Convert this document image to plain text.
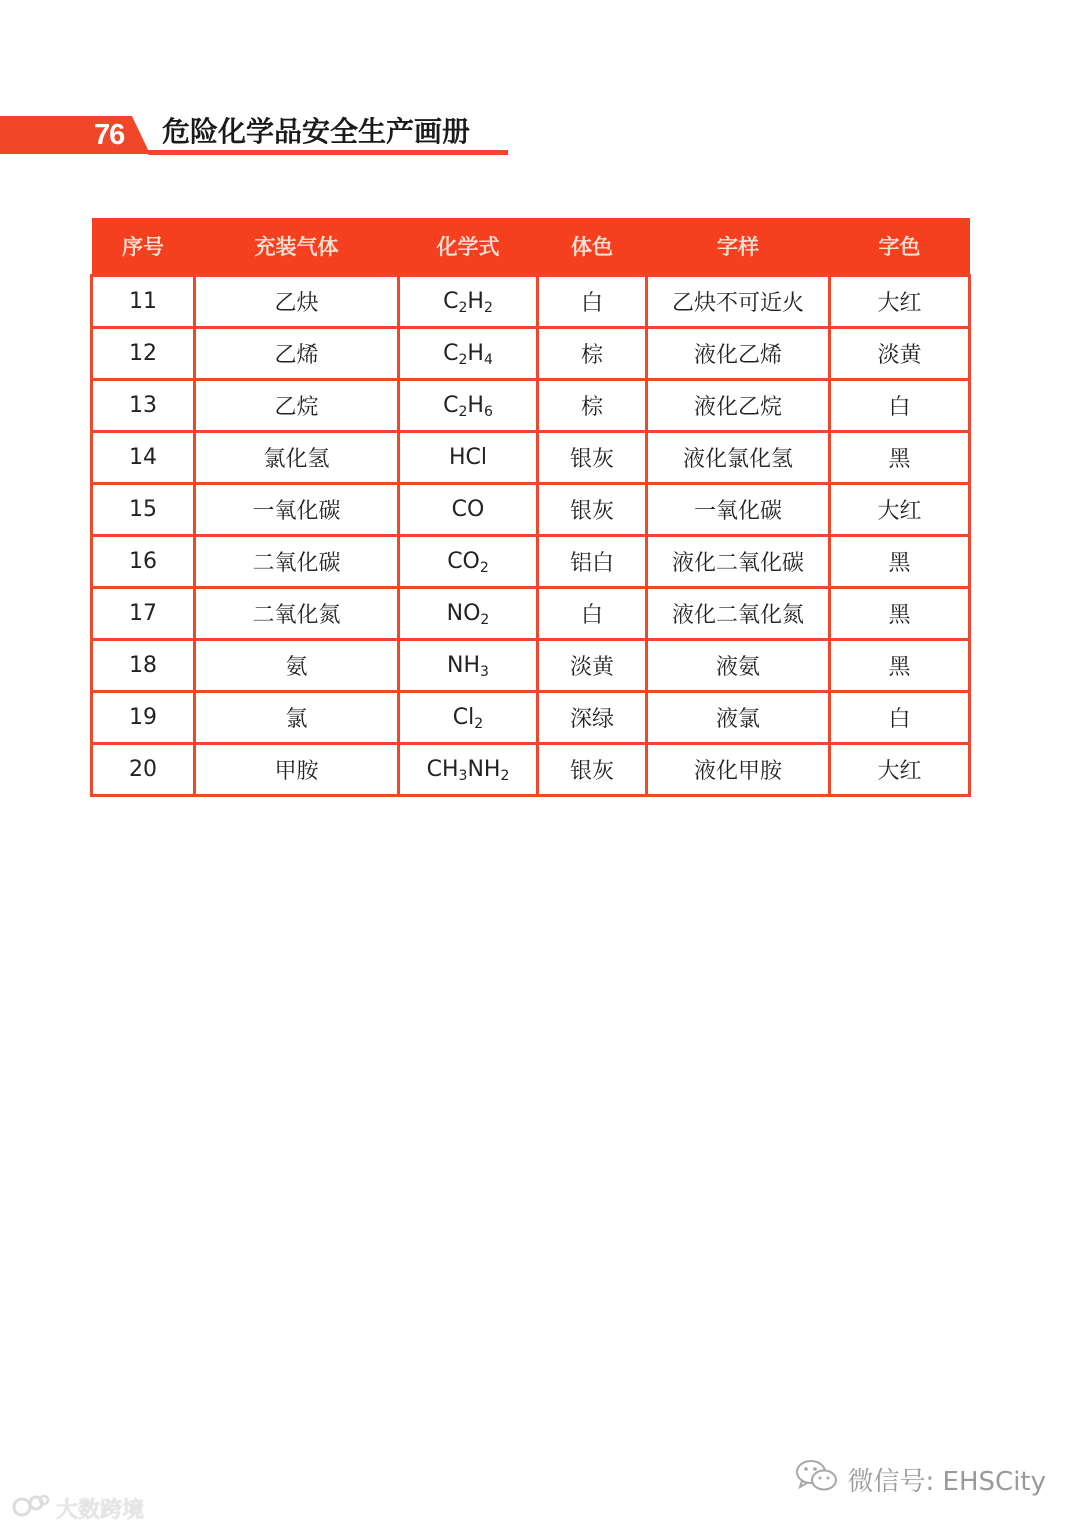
76 危险化学品安全生产画册
序号	充装气体	化学式	体色	字样	字色
11	乙炔	$C_2H_2$	白	乙炔不可近火	大红
12	乙烯	$C_2H_4$	棕	液化乙烯	淡黄
13	乙烷	$C_2H_6$	棕	液化乙烷	白
14	氯化氢	HCl	银灰	液化氯化氢	黑
15	一氧化碳	CO	银灰	一氧化碳	大红
16	二氧化碳	$CO_2$	铝白	液化二氧化碳	黑
17	二氧化氮	$NO_2$	白	液化二氧化氮	黑
18	氨	$NH_3$	淡黄	液氨	黑
19	氯	$Cl_2$	深绿	液氯	白
20	甲胺	$CH_3NH_2$	银灰	液化甲胺	大红
微信号: EHSCity
大数跨境
